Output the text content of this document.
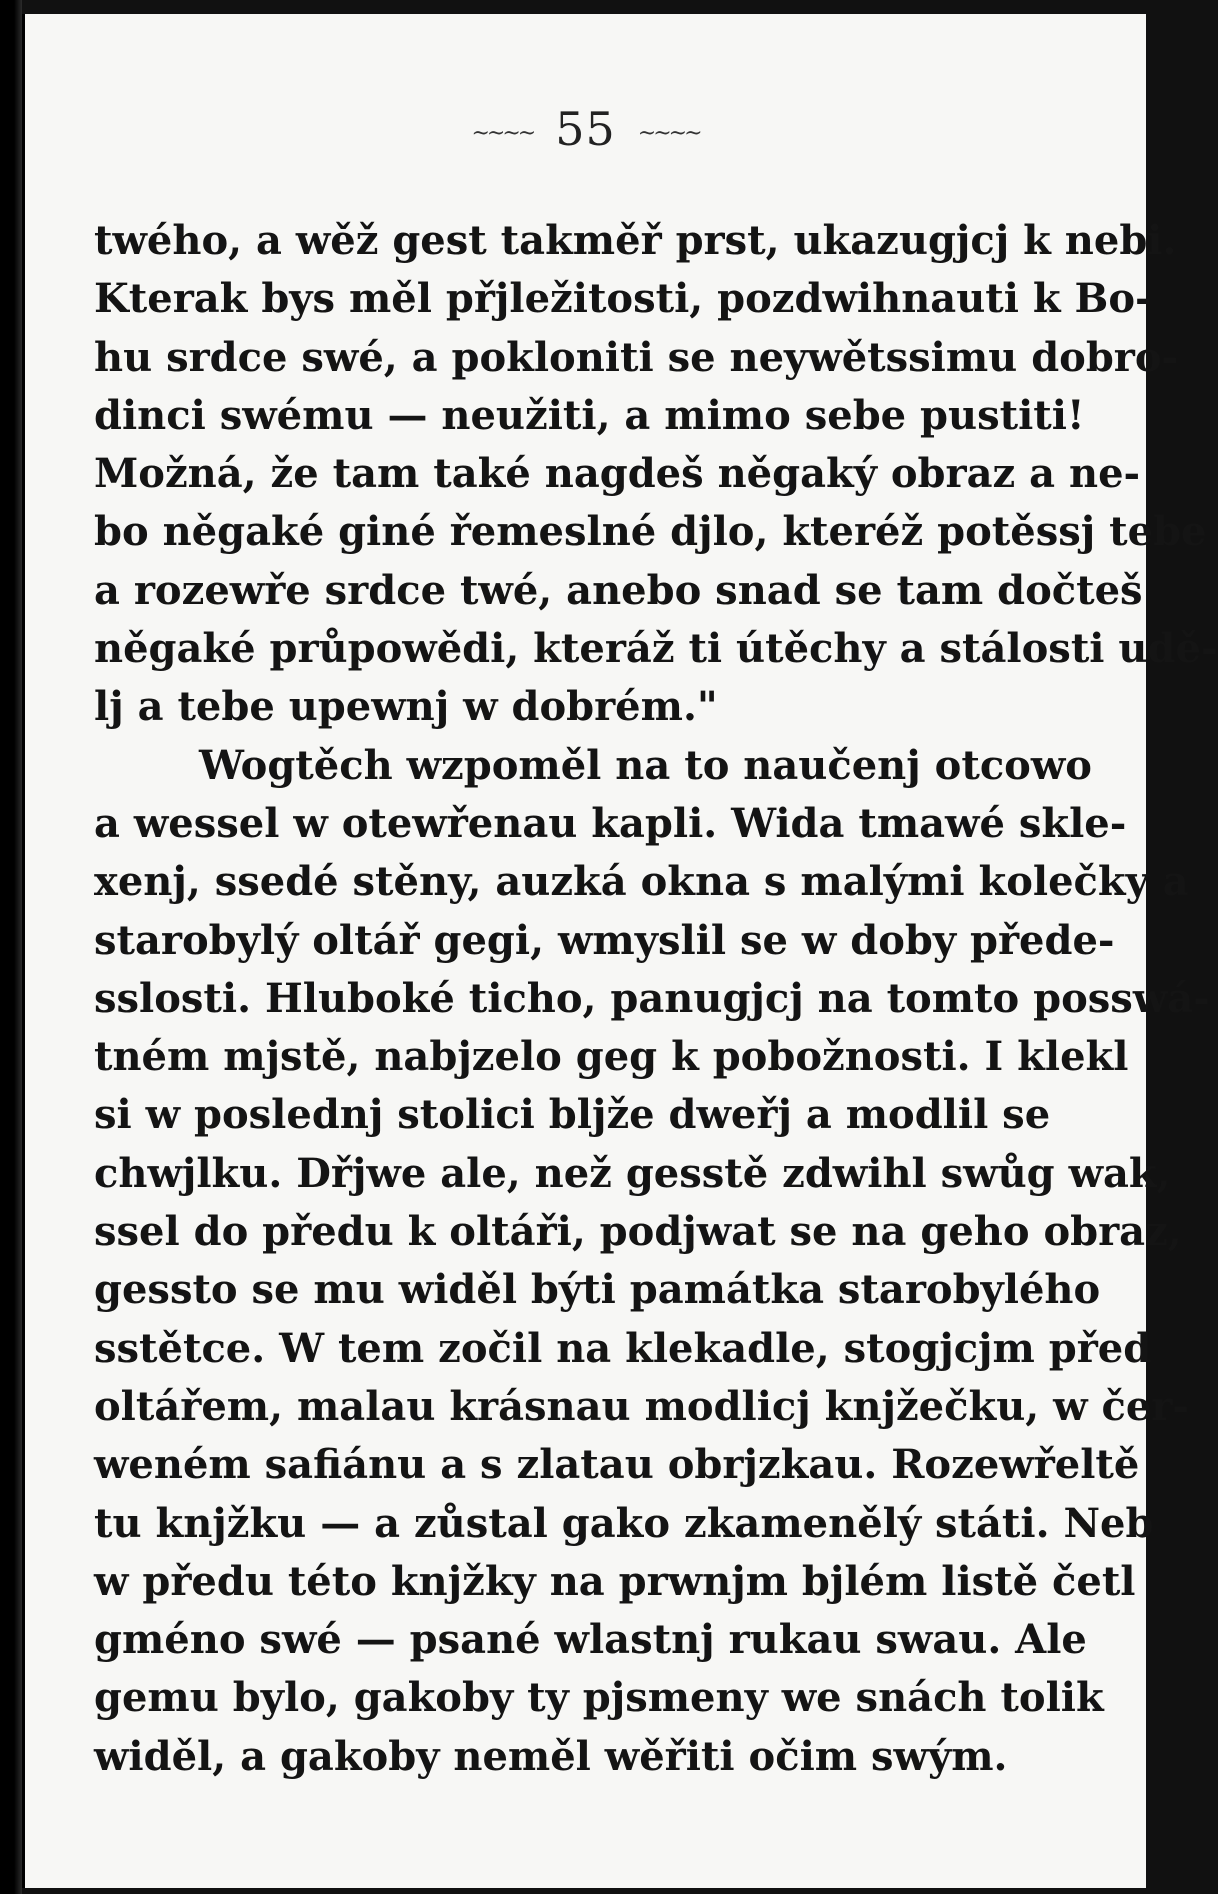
~~~~ 55 ~~~~
twého, a wěž gest takměř prst, ukazugjcj k nebi.
Kterak bys měl přjležitosti, pozdwihnauti k Bo-
hu srdce swé, a pokloniti se neywětssimu dobro-
dinci swému — neužiti, a mimo sebe pustiti!
Možná, že tam také nagdeš něgaký obraz a ne-
bo něgaké giné řemeslné djlo, kteréž potěssj tebe
a rozewře srdce twé, anebo snad se tam dočteš
něgaké průpowědi, kteráž ti útěchy a stálosti udě-
lj a tebe upewnj w dobrém."
Wogtěch wzpoměl na to naučenj otcowo
a wessel w otewřenau kapli. Wida tmawé skle-
xenj, ssedé stěny, auzká okna s malými kolečky a
starobylý oltář gegi, wmyslil se w doby přede-
sslosti. Hluboké ticho, panugjcj na tomto posswá-
tném mjstě, nabjzelo geg k pobožnosti. I klekl
si w poslednj stolici bljže dweřj a modlil se
chwjlku. Dřjwe ale, než gesstě zdwihl swůg wak,
ssel do předu k oltáři, podjwat se na geho obraz,
gessto se mu widěl býti památka starobylého
sstětce. W tem zočil na klekadle, stogjcjm před
oltářem, malau krásnau modlicj knjžečku, w čer-
weném safiánu a s zlatau obrjzkau. Rozewřeltě
tu knjžku — a zůstal gako zkamenělý státi. Neb
w předu této knjžky na prwnjm bjlém listě četl
gméno swé — psané wlastnj rukau swau. Ale
gemu bylo, gakoby ty pjsmeny we snách tolik
widěl, a gakoby neměl wěřiti očim swým.
